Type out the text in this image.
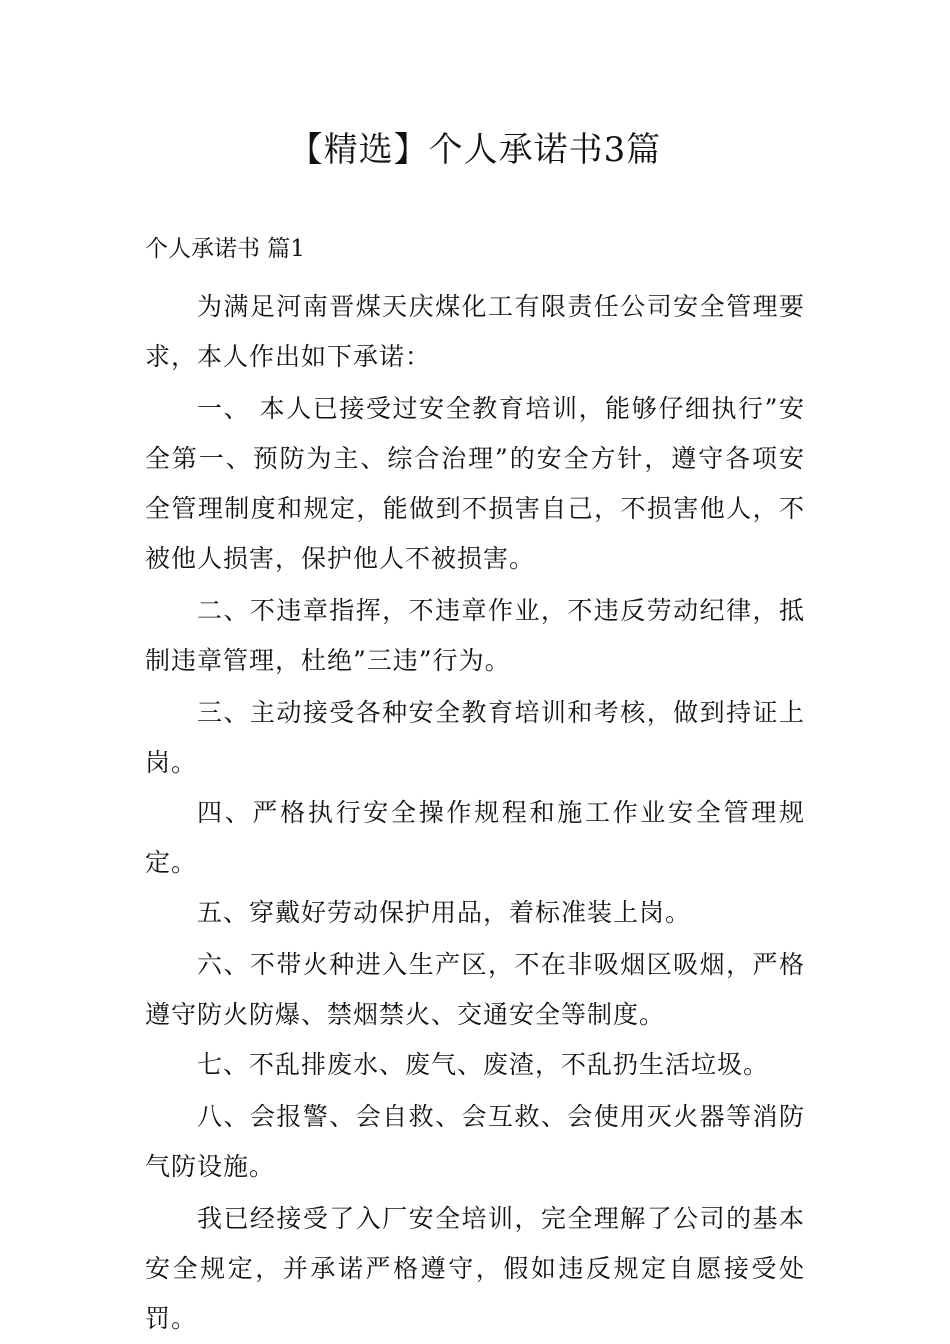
【精选】个人承诺书3篇
个人承诺书 篇1

为满足河南晋煤天庆煤化工有限责任公司安全管理要求，本人作出如下承诺：

一、 本人已接受过安全教育培训，能够仔细执行”安全第一、预防为主、综合治理”的安全方针，遵守各项安全管理制度和规定，能做到不损害自己，不损害他人，不被他人损害，保护他人不被损害。

二、不违章指挥，不违章作业，不违反劳动纪律，抵制违章管理，杜绝”三违”行为。

三、主动接受各种安全教育培训和考核，做到持证上岗。

四、严格执行安全操作规程和施工作业安全管理规定。

五、穿戴好劳动保护用品，着标准装上岗。

六、不带火种进入生产区，不在非吸烟区吸烟，严格遵守防火防爆、禁烟禁火、交通安全等制度。

七、不乱排废水、废气、废渣，不乱扔生活垃圾。

八、会报警、会自救、会互救、会使用灭火器等消防气防设施。

我已经接受了入厂安全培训，完全理解了公司的基本安全规定，并承诺严格遵守，假如违反规定自愿接受处罚。
